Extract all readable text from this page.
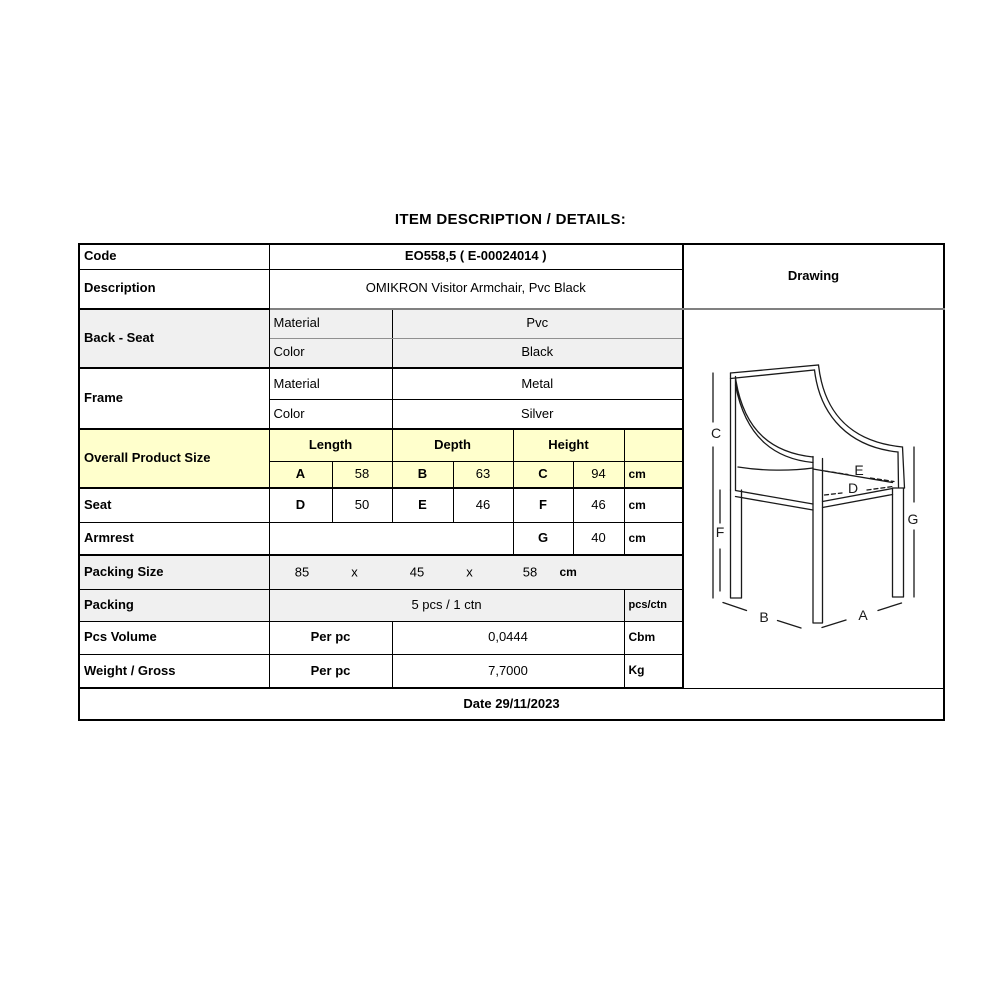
ITEM DESCRIPTION / DETAILS:
Code	EO558,5 ( E-00024014 )							Drawing
Description	OMIKRON Visitor Armchair, Pvc Black							
Back - Seat	Material	Pvc	
C
F
G
B	A
D
E

	Color		Black					
Frame	Material		Metal					
	Color		Silver					
Overall Product Size	Length		Depth		Height			
	A	58	B	63	C	94	cm	
Seat	D	50	E	46	F	46	cm	
Armrest					G	40	cm	
Packing Size	85	x	45	x	58	cm

Packing	5 pcs / 1 ctn						pcs/ctn	
Pcs Volume	Per pc		0,0444				Cbm	
Weight / Gross	Per pc		7,7000				Kg	
Date 29/11/2023								
